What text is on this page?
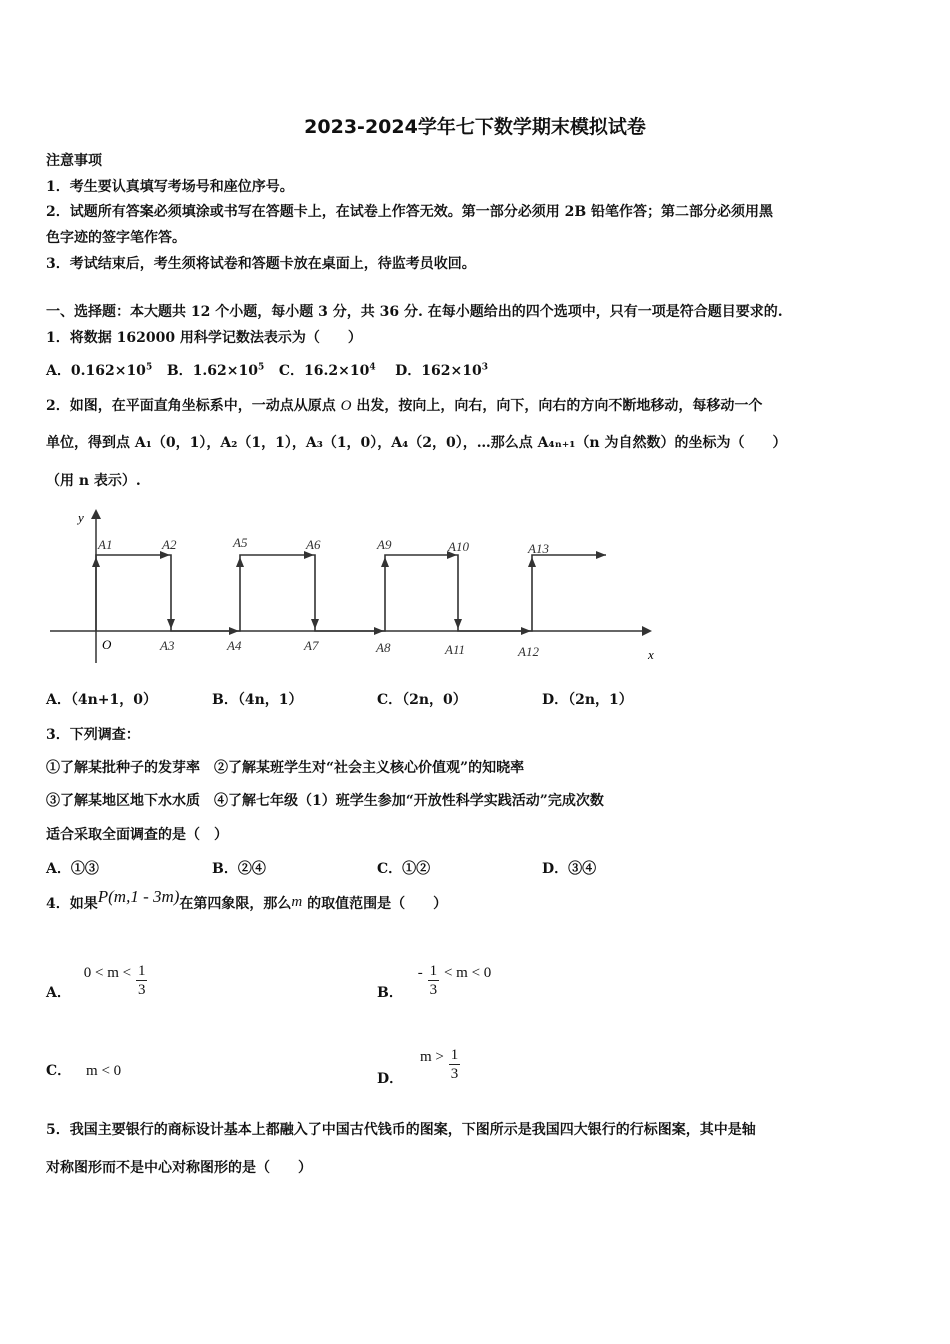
2023-2024学年七下数学期末模拟试卷
注意事项
1．考生要认真填写考场号和座位序号。
2．试题所有答案必须填涂或书写在答题卡上，在试卷上作答无效。第一部分必须用 2B 铅笔作答；第二部分必须用黑
色字迹的签字笔作答。
3．考试结束后，考生须将试卷和答题卡放在桌面上，待监考员收回。
一、选择题：本大题共 12 个小题，每小题 3 分，共 36 分. 在每小题给出的四个选项中，只有一项是符合题目要求的.
1．将数据 162000 用科学记数法表示为（　　）
A．$0.162\times 10^5$ B．$1.62\times 10^5$ C．$16.2\times 10^4$ D．$162\times 10^3$
2．如图，在平面直角坐标系中，一动点从原点 O 出发，按向上，向右，向下，向右的方向不断地移动，每移动一个
单位，得到点 A₁（0，1），A₂（1，1），A₃（1，0），A₄（2，0），…那么点 A₄ₙ₊₁（n 为自然数）的坐标为（　　）
（用 n 表示）.
y
x
O
A1	A2	A5	A6	A9	A10	A13
A3	A4	A7	A8	A11	A12
A．（4n+1，0）	B．（4n，1）	C．（2n，0）	D．（2n，1）
3．下列调查：
①了解某批种子的发芽率　②了解某班学生对“社会主义核心价值观”的知晓率
③了解某地区地下水水质　④了解七年级（1）班学生参加“开放性科学实践活动”完成次数
适合采取全面调查的是（　）
A．①③	B．②④	C．①②	D．③④
4．如果P(m,1 - 3m)在第四象限，那么m 的取值范围是（　　）
A． $0 < m < \frac{1}{3}$	B． - $\frac{1}{3} < m < 0$
C． m < 0	D． $m > \frac{1}{3}$
5．我国主要银行的商标设计基本上都融入了中国古代钱币的图案，下图所示是我国四大银行的行标图案，其中是轴
对称图形而不是中心对称图形的是（　　）
